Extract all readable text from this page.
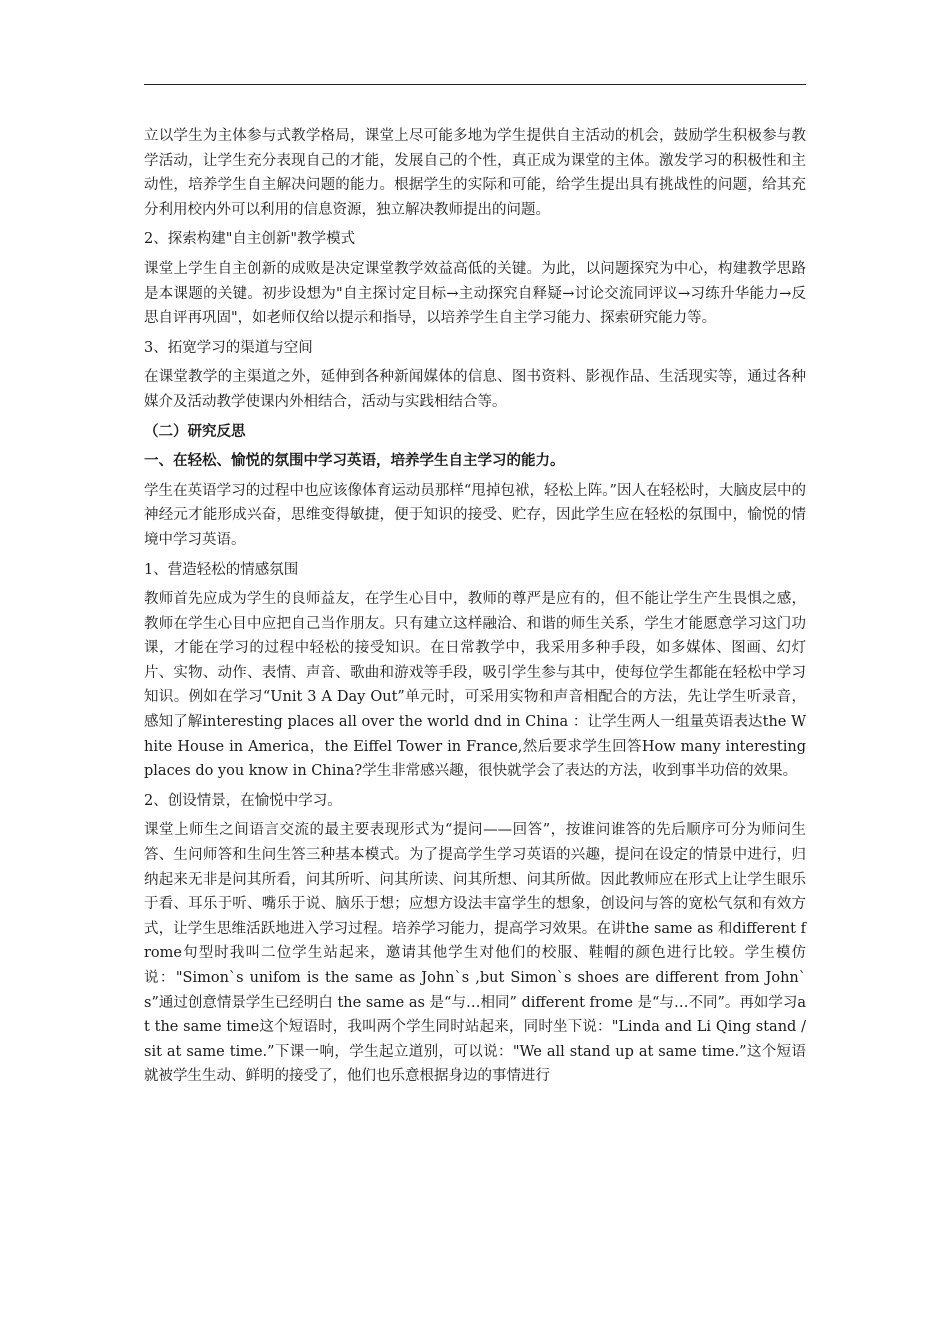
立以学生为主体参与式教学格局，课堂上尽可能多地为学生提供自主活动的机会，鼓励学生积极参与教学活动，让学生充分表现自己的才能，发展自己的个性，真正成为课堂的主体。激发学习的积极性和主动性，培养学生自主解决问题的能力。根据学生的实际和可能，给学生提出具有挑战性的问题，给其充分利用校内外可以利用的信息资源，独立解决教师提出的问题。

2、探索构建"自主创新"教学模式

课堂上学生自主创新的成败是决定课堂教学效益高低的关键。为此，以问题探究为中心，构建教学思路是本课题的关键。初步设想为"自主探讨定目标→主动探究自释疑→讨论交流同评议→习练升华能力→反思自评再巩固"，如老师仅给以提示和指导，以培养学生自主学习能力、探索研究能力等。

3、拓宽学习的渠道与空间

在课堂教学的主渠道之外，延伸到各种新闻媒体的信息、图书资料、影视作品、生活现实等，通过各种媒介及活动教学使课内外相结合，活动与实践相结合等。

（二）研究反思

一、在轻松、愉悦的氛围中学习英语，培养学生自主学习的能力。

学生在英语学习的过程中也应该像体育运动员那样“甩掉包袱，轻松上阵。”因人在轻松时，大脑皮层中的神经元才能形成兴奋，思维变得敏捷，便于知识的接受、贮存，因此学生应在轻松的氛围中，愉悦的情境中学习英语。

1、营造轻松的情感氛围

教师首先应成为学生的良师益友，在学生心目中，教师的尊严是应有的，但不能让学生产生畏惧之感，教师在学生心目中应把自己当作朋友。只有建立这样融洽、和谐的师生关系，学生才能愿意学习这门功课，才能在学习的过程中轻松的接受知识。在日常教学中，我采用多种手段，如多媒体、图画、幻灯片、实物、动作、表情、声音、歌曲和游戏等手段，吸引学生参与其中，使每位学生都能在轻松中学习知识。例如在学习“Unit 3 A Day Out”单元时，可采用实物和声音相配合的方法，先让学生听录音，感知了解interesting places all over the world dnd in China ：让学生两人一组量英语表达the White House in America，the Eiffel Tower in France,然后要求学生回答How many interesting places do you know in China?学生非常感兴趣，很快就学会了表达的方法，收到事半功倍的效果。

2、创设情景，在愉悦中学习。

课堂上师生之间语言交流的最主要表现形式为“提问——回答”，按谁问谁答的先后顺序可分为师问生答、生问师答和生问生答三种基本模式。为了提高学生学习英语的兴趣，提问在设定的情景中进行，归纳起来无非是问其所看，问其所听、问其所读、问其所想、问其所做。因此教师应在形式上让学生眼乐于看、耳乐于听、嘴乐于说、脑乐于想；应想方设法丰富学生的想象，创设问与答的宽松气氛和有效方式，让学生思维活跃地进入学习过程。培养学习能力，提高学习效果。在讲the same as 和different frome句型时我叫二位学生站起来，邀请其他学生对他们的校服、鞋帽的颜色进行比较。学生模仿说："Simon`s unifom is the same as John`s ,but Simon`s shoes are different from John`s”通过创意情景学生已经明白 the same as 是“与…相同” different frome 是“与…不同”。再如学习at the same time这个短语时，我叫两个学生同时站起来，同时坐下说："Linda and Li Qing stand /sit at same time.”下课一响，学生起立道别，可以说："We all stand up at same time.”这个短语就被学生生动、鲜明的接受了，他们也乐意根据身边的事情进行
